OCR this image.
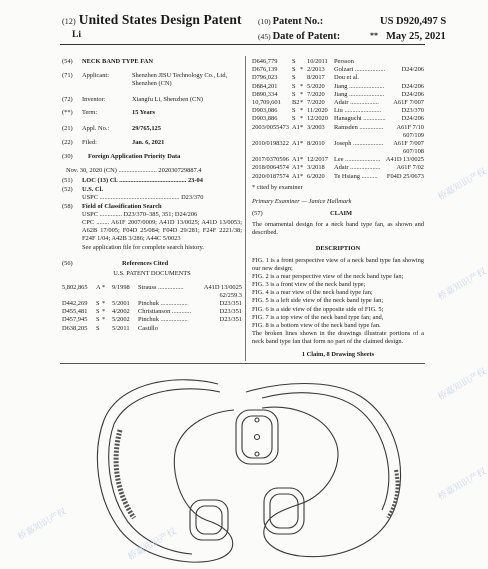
(12) United States Design Patent
Li
(10) Patent No.:	US D920,497 S
(45) Date of Patent:	** May 25, 2021
(54)	NECK BAND TYPE FAN
(71)	Applicant:	Shenzhen JISU Technology Co., Ltd, Shenzhen (CN)
(72)	Inventor:	Xiangfu Li, Shenzhen (CN)
(**)	Term:	15 Years
(21)	Appl. No.:	29/765,125
(22)	Filed:	Jan. 6, 2021
(30)	Foreign Application Priority Data
Nov. 30, 2020 (CN) ........................ 202030729887.4
(51)	LOC (13) Cl. .......................................... 23-04
(52)	U.S. Cl.
USPC .................................................. D23/370
(58)	Field of Classification Search
USPC .............. D23/370–385, 351; D24/206
CPC ........ A61F 2007/0009; A41D 13/0025; A41D 13/0053; A62B 17/005; F04D 25/084; F04D 29/281; F24F 2221/38; F24F 1/04; A42B 3/286; A44C 5/0023
See application file for complete search history.
(56)	References Cited
U.S. PATENT DOCUMENTS
5,802,865 A * 9/1998 Strauss ................	A41D 13/0025
62/259.3
D442,269 S * 5/2001 Pinchuk .................	D23/351
D455,481 S * 4/2002 Christianson ............	D23/351
D457,945 S * 5/2002 Pinchuk .................	D23/351
D638,205 S 5/2011 Castillo
D646,779 S 10/2011 Persson
D676,139 S * 2/2013 Golzari ...................	D24/206
D796,023 S 8/2017 Dou et al.
D884,201 S * 5/2020 Jiang ......................	D24/206
D890,334 S * 7/2020 Jiang ......................	D24/206
10,709,601 B2 * 7/2020 Adair .................. A61F 7/007
D903,086 S * 11/2020 Liu .......................	D23/370
D903,886 S * 12/2020 Hanaguchi .............. D24/206
2003/0055473 A1 * 3/2003 Ramsden ............... A61F 7/10
607/109
2010/0198322 A1 * 8/2010 Joseph ................... A61F 7/007
607/108
2017/0370596 A1 * 12/2017 Lee ...................... A41D 13/0025
2018/0064574 A1 * 3/2018 Adair ................... A61F 7/02
2020/0187574 A1 * 6/2020 Te Hsiang .......... F04D 25/0673
* cited by examiner
Primary Examiner — Janice Hallmark
(57)	CLAIM
The ornamental design for a neck band type fan, as shown and described.
DESCRIPTION
FIG. 1 is a front perspective view of a neck band type fan showing our new design;
FIG. 2 is a rear perspective view of the neck band type fan;
FIG. 3 is a front view of the neck band type;
FIG. 4 is a rear view of the neck band type fan;
FIG. 5 is a left side view of the neck band type fan;
FIG. 6 is a side view of the opposite side of FIG. 5;
FIG. 7 is a top view of the neck band type fan; and,
FIG. 8 is a bottom view of the neck band type fan.
The broken lines shown in the drawings illustrate portions of a neck band type fan that form no part of the claimed design.
1 Claim, 8 Drawing Sheets
桥嘉知识产权
桥嘉知识产权
桥嘉知识产权
桥嘉知识产权
桥嘉知识产权
桥嘉知识产权
